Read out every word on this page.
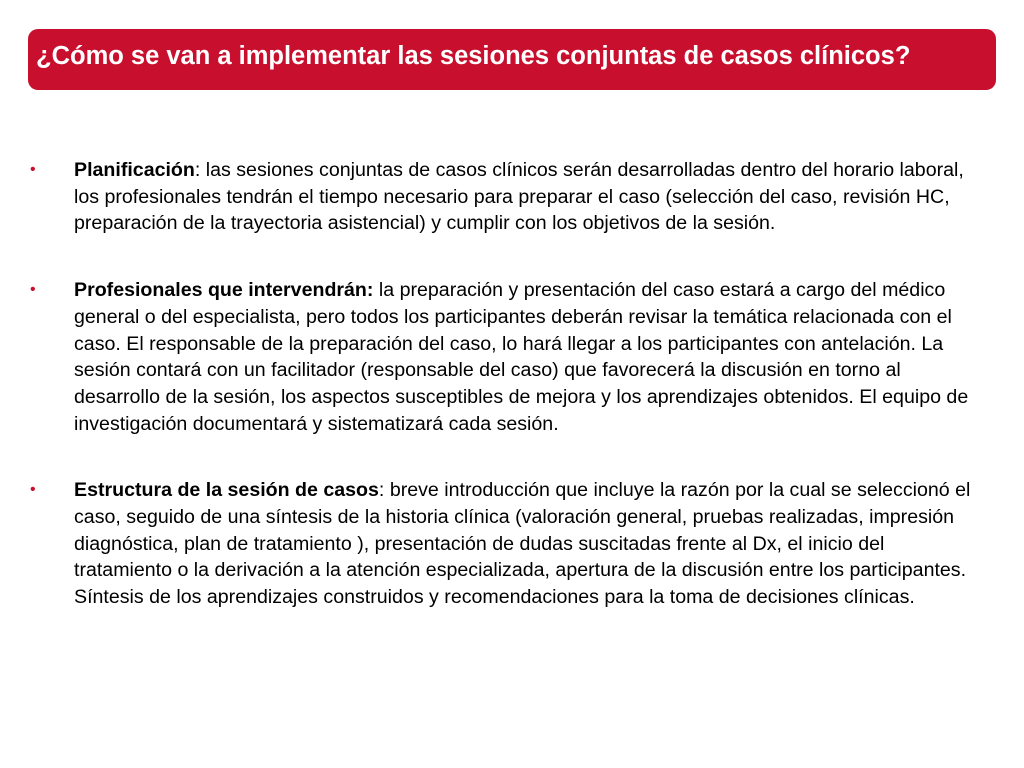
¿Cómo se van a implementar las sesiones conjuntas de casos clínicos?
• Planificación: las sesiones conjuntas de casos clínicos serán desarrolladas dentro del horario laboral, los profesionales tendrán el tiempo necesario para preparar el caso (selección del caso, revisión HC, preparación de la trayectoria asistencial) y cumplir con los objetivos de la sesión.
• Profesionales que intervendrán: la preparación y presentación del caso estará a cargo del médico general o del especialista, pero todos los participantes deberán revisar la temática relacionada con el caso. El responsable de la preparación del caso, lo hará llegar a los participantes con antelación. La sesión contará con un facilitador (responsable del caso) que favorecerá la discusión en torno al desarrollo de la sesión, los aspectos susceptibles de mejora y los aprendizajes obtenidos. El equipo de investigación documentará y sistematizará cada sesión.
• Estructura de la sesión de casos: breve introducción que incluye la razón por la cual se seleccionó el caso, seguido de una síntesis de la historia clínica (valoración general, pruebas realizadas, impresión diagnóstica, plan de tratamiento ), presentación de dudas suscitadas frente al Dx, el inicio del tratamiento o la derivación a la atención especializada, apertura de la discusión entre los participantes. Síntesis de los aprendizajes construidos y recomendaciones para la toma de decisiones clínicas.
